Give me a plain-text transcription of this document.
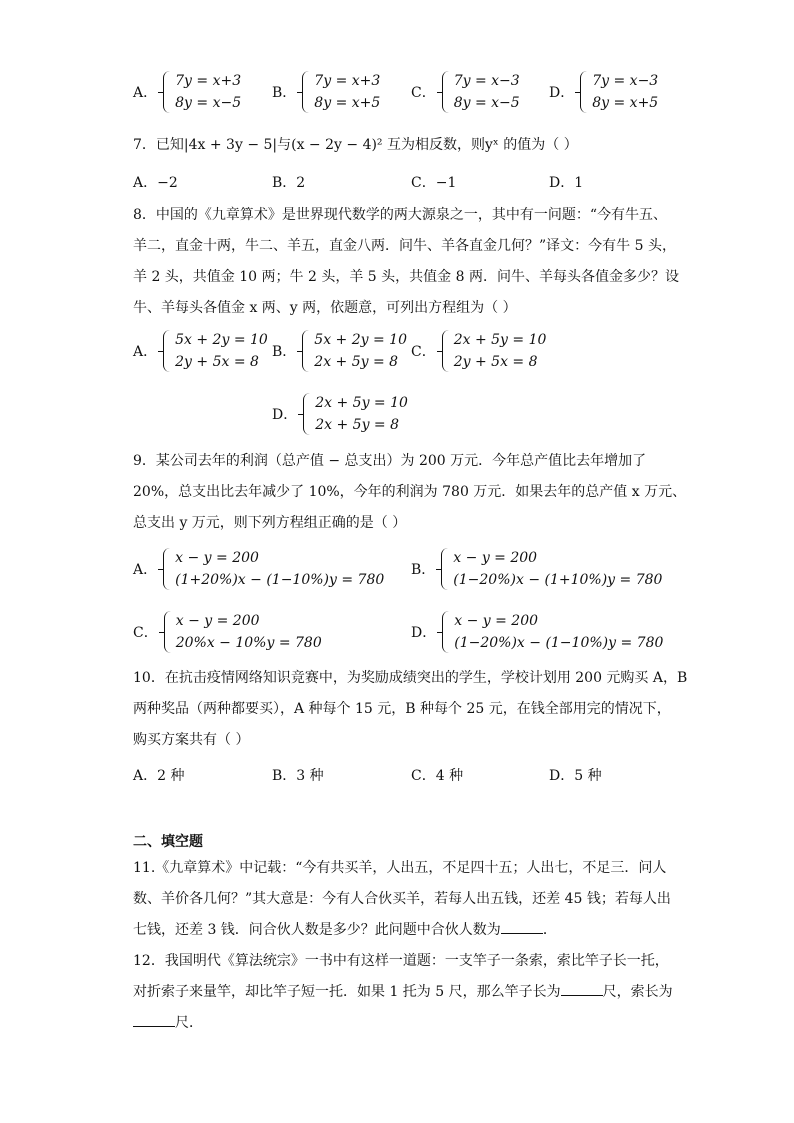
A．
7y = x+3
8y = x−5
B．
7y = x+3
8y = x+5
C．
7y = x−3
8y = x−5
D．
7y = x−3
8y = x+5
7．已知|4x + 3y − 5|与(x − 2y − 4)² 互为相反数，则yˣ 的值为（ ）
A．−2	B．2	C．−1	D．1
8．中国的《九章算术》是世界现代数学的两大源泉之一，其中有一问题：“今有牛五、
羊二，直金十两，牛二、羊五，直金八两．问牛、羊各直金几何？”译文：今有牛 5 头，
羊 2 头，共值金 10 两；牛 2 头，羊 5 头，共值金 8 两．问牛、羊每头各值金多少？设
牛、羊每头各值金 x 两、y 两，依题意，可列出方程组为（ ）
A．
5x + 2y = 10
2y + 5x = 8
B．
5x + 2y = 10
2x + 5y = 8
C．
2x + 5y = 10
2y + 5x = 8
D．
2x + 5y = 10
2x + 5y = 8
9．某公司去年的利润（总产值 − 总支出）为 200 万元．今年总产值比去年增加了
20%，总支出比去年减少了 10%，今年的利润为 780 万元．如果去年的总产值 x 万元、
总支出 y 万元，则下列方程组正确的是（ ）
A．
x − y = 200
(1+20%)x − (1−10%)y = 780
B．
x − y = 200
(1−20%)x − (1+10%)y = 780
C．
x − y = 200
20%x − 10%y = 780
D．
x − y = 200
(1−20%)x − (1−10%)y = 780
10．在抗击疫情网络知识竞赛中，为奖励成绩突出的学生，学校计划用 200 元购买 A，B
两种奖品（两种都要买），A 种每个 15 元，B 种每个 25 元，在钱全部用完的情况下，
购买方案共有（ ）
A．2 种	B．3 种	C．4 种	D．5 种
二、填空题
11.《九章算术》中记载：“今有共买羊，人出五，不足四十五；人出七，不足三．问人
数、羊价各几何？”其大意是：今有人合伙买羊，若每人出五钱，还差 45 钱；若每人出
七钱，还差 3 钱．问合伙人数是多少？此问题中合伙人数为	．
12．我国明代《算法统宗》一书中有这样一道题：一支竿子一条索，索比竿子长一托，
对折索子来量竿，却比竿子短一托．如果 1 托为 5 尺，那么竿子长为	尺，索长为
尺．
